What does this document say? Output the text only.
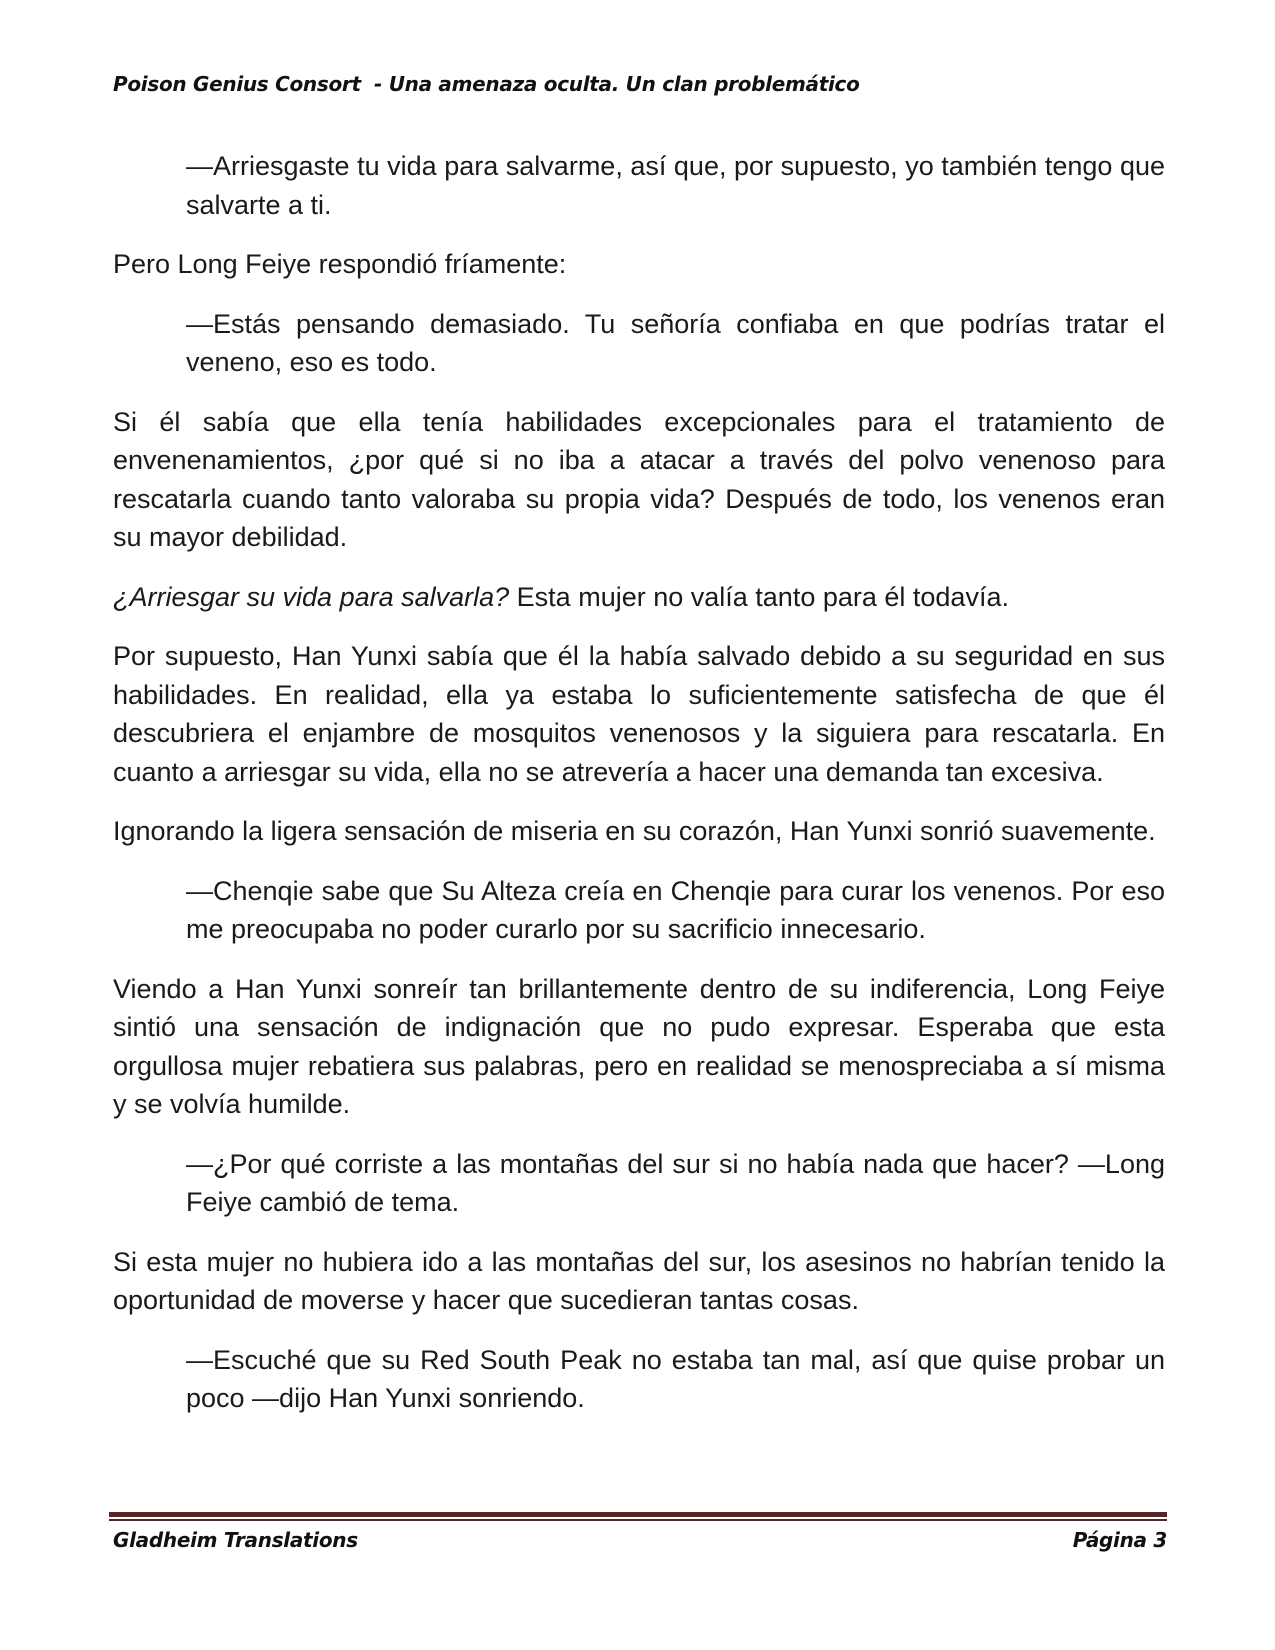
Poison Genius Consort  - Una amenaza oculta. Un clan problemático

—Arriesgaste tu vida para salvarme, así que, por supuesto, yo también tengo que salvarte a ti.

Pero Long Feiye respondió fríamente:

—Estás pensando demasiado. Tu señoría confiaba en que podrías tratar el veneno, eso es todo.

Si él sabía que ella tenía habilidades excepcionales para el tratamiento de envenenamientos, ¿por qué si no iba a atacar a través del polvo venenoso para rescatarla cuando tanto valoraba su propia vida? Después de todo, los venenos eran su mayor debilidad.

¿Arriesgar su vida para salvarla? Esta mujer no valía tanto para él todavía.

Por supuesto, Han Yunxi sabía que él la había salvado debido a su seguridad en sus habilidades. En realidad, ella ya estaba lo suficientemente satisfecha de que él descubriera el enjambre de mosquitos venenosos y la siguiera para rescatarla. En cuanto a arriesgar su vida, ella no se atrevería a hacer una demanda tan excesiva.

Ignorando la ligera sensación de miseria en su corazón, Han Yunxi sonrió suavemente.

—Chenqie sabe que Su Alteza creía en Chenqie para curar los venenos. Por eso me preocupaba no poder curarlo por su sacrificio innecesario.

Viendo a Han Yunxi sonreír tan brillantemente dentro de su indiferencia, Long Feiye sintió una sensación de indignación que no pudo expresar. Esperaba que esta orgullosa mujer rebatiera sus palabras, pero en realidad se menospreciaba a sí misma y se volvía humilde.

—¿Por qué corriste a las montañas del sur si no había nada que hacer? —Long Feiye cambió de tema.

Si esta mujer no hubiera ido a las montañas del sur, los asesinos no habrían tenido la oportunidad de moverse y hacer que sucedieran tantas cosas.

—Escuché que su Red South Peak no estaba tan mal, así que quise probar un poco —dijo Han Yunxi sonriendo.

Gladheim Translations	Página 3
